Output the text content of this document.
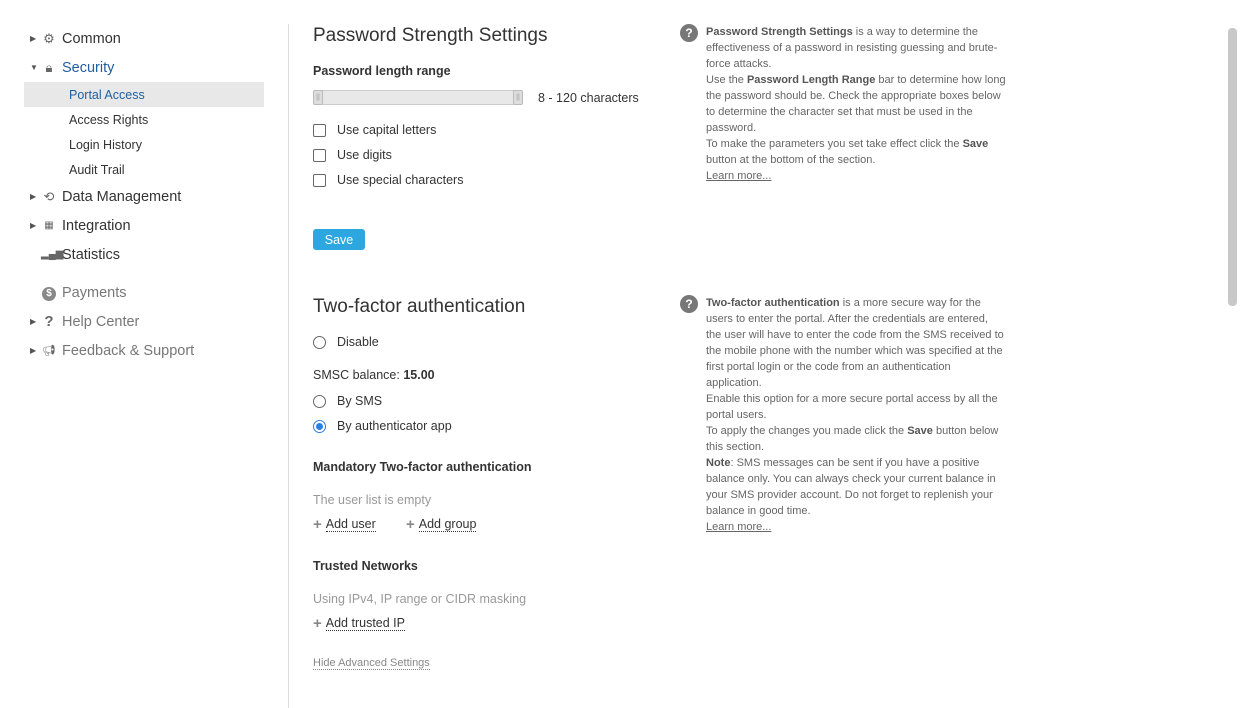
▶ ⚙ Common
▼ 🔒︎ Security
Portal Access
Access Rights
Login History
Audit Trail
▶ ⟲ Data Management
▶ ▦ Integration
▂▄▆
Statistics
$ Payments
▶ ? Help Center
▶ 📢︎ Feedback & Support
Password Strength Settings
Password length range
||	|| 8 - 120 characters
Use capital letters
Use digits
Use special characters
Save
Two-factor authentication
Disable
SMSC balance:
15.00
By SMS
By authenticator app
Mandatory Two-factor authentication
The user list is empty
+ Add user + Add group
Trusted Networks
Using IPv4, IP range or CIDR masking
+ Add trusted IP
Hide Advanced Settings
?	Password Strength Settings is a way to determine the effectiveness of a password in resisting guessing and brute-force attacks.
Use the Password Length Range bar to determine how long the password should be. Check the appropriate boxes below to determine the character set that must be used in the password.
To make the parameters you set take effect click the Save button at the bottom of the section.
Learn more...
?	Two-factor authentication is a more secure way for the users to enter the portal. After the credentials are entered, the user will have to enter the code from the SMS received to the mobile phone with the number which was specified at the first portal login or the code from an authentication application.
Enable this option for a more secure portal access by all the portal users.
To apply the changes you made click the Save button below this section.
Note: SMS messages can be sent if you have a positive balance only. You can always check your current balance in your SMS provider account. Do not forget to replenish your balance in good time.
Learn more...
